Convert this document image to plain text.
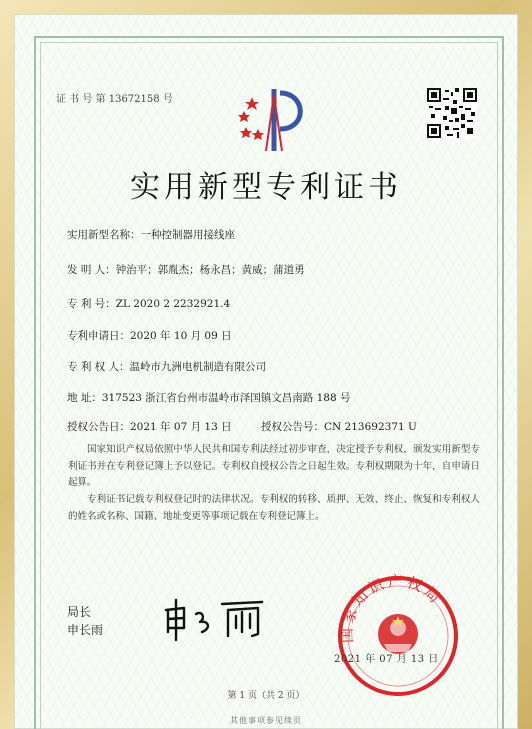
证 书 号 第 13672158 号
实用新型专利证书
实用新型名称：一种控制器用接线座
发 明 人：钟治平；郭胤杰；杨永昌；黄威；蒲道勇
专 利 号：ZL 2020 2 2232921.4
专利申请日：2020 年 10 月 09 日
专 利 权 人：温岭市九洲电机制造有限公司
地 址：317523 浙江省台州市温岭市泽国镇文昌南路 188 号
授权公告日：2021 年 07 月 13 日	授权公告号：CN 213692371 U
国家知识产权局依照中华人民共和国专利法经过初步审查，决定授予专利权，颁发实用新型专利证书并在专利登记簿上予以登记。专利权自授权公告之日起生效。专利权期限为十年，自申请日起算。
专利证书记载专利权登记时的法律状况。专利权的转移、质押、无效、终止、恢复和专利权人的姓名或名称、国籍、地址变更等事项记载在专利登记簿上。
局长
申长雨	国家知识产权局
2021 年 07 月 13 日
第 1 页（共 2 页）
其他事项参见续页
